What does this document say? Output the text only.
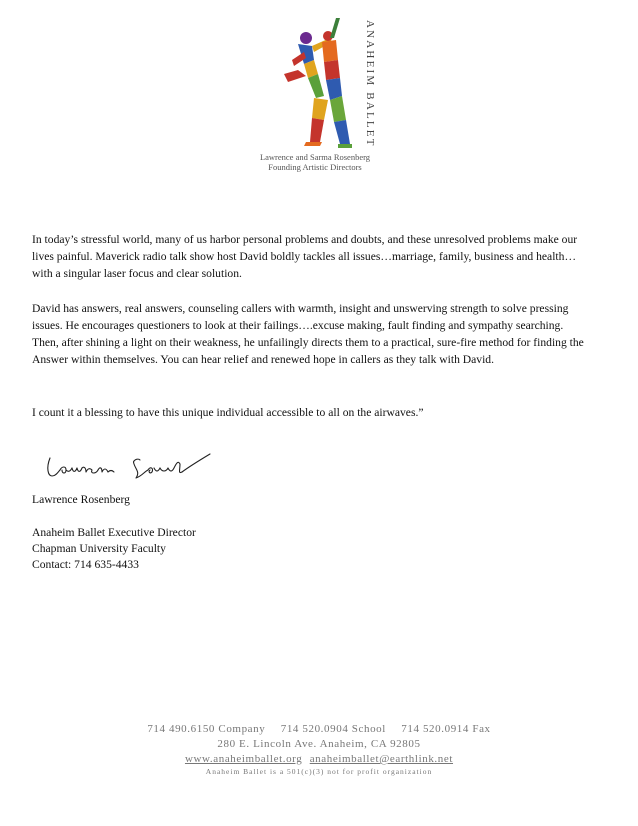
ANAHEIM BALLET
Lawrence and Sarma Rosenberg
Founding Artistic Directors

In today’s stressful world, many of us harbor personal problems and doubts, and these unresolved problems make our lives painful. Maverick radio talk show host David boldly tackles all issues…marriage, family, business and health… with a singular laser focus and clear solution.

David has answers, real answers, counseling callers with warmth, insight and unswerving strength to solve pressing issues. He encourages questioners to look at their failings….excuse making, fault finding and sympathy searching. Then, after shining a light on their weakness, he unfailingly directs them to a practical, sure-fire method for finding the Answer within themselves. You can hear relief and renewed hope in callers as they talk with David.

I count it a blessing to have this unique individual accessible to all on the airwaves.”

Lawrence Rosenberg
Anaheim Ballet Executive Director
Chapman University Faculty
Contact: 714 635-4433
714 490.6150 Company 714 520.0904 School 714 520.0914 Fax
280 E. Lincoln Ave. Anaheim, CA 92805
www.anaheimballet.org anaheimballet@earthlink.net
Anaheim Ballet is a 501(c)(3) not for profit organization
